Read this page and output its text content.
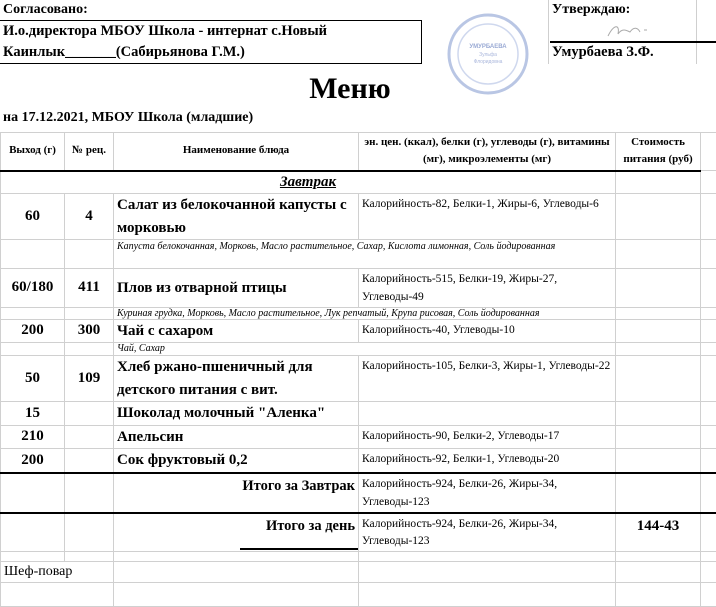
Согласовано:
И.о.директора МБОУ Школа - интернат с.Новый
Каинлык_______(Сабирьянова Г.М.)
Утверждаю:
Умурбаева З.Ф.
УМУРБАЕВА
Зульфа
Флоридовна
Меню
на 17.12.2021, МБОУ Школа (младшие)
Выход (г)	№ рец.	Наименование блюда	эн. цен. (ккал), белки (г), углеводы (г), витамины (мг), микроэлементы (мг)	Стоимость питания (руб)	
Завтрак					
60	4	Салат из белокочанной капусты с морковью	Калорийность-82, Белки-1, Жиры-6, Углеводы-6		
		Капуста белокочанная, Морковь, Масло растительное, Сахар, Кислота лимонная, Соль йодированная			
60/180	411	Плов из отварной птицы	Калорийность-515, Белки-19, Жиры-27, Углеводы-49		
		Куриная грудка, Морковь, Масло растительное, Лук репчатый, Крупа рисовая, Соль йодированная			
200	300	Чай с сахаром	Калорийность-40, Углеводы-10		
		Чай, Сахар			
50	109	Хлеб ржано-пшеничный для детского питания с вит.	Калорийность-105, Белки-3, Жиры-1, Углеводы-22		
15		Шоколад молочный "Аленка"			
210		Апельсин	Калорийность-90, Белки-2, Углеводы-17		
200		Сок фруктовый 0,2	Калорийность-92, Белки-1, Углеводы-20		
		Итого за Завтрак	Калорийность-924, Белки-26, Жиры-34, Углеводы-123		
		Итого за день	Калорийность-924, Белки-26, Жиры-34, Углеводы-123	144-43	

Шеф-повар					
